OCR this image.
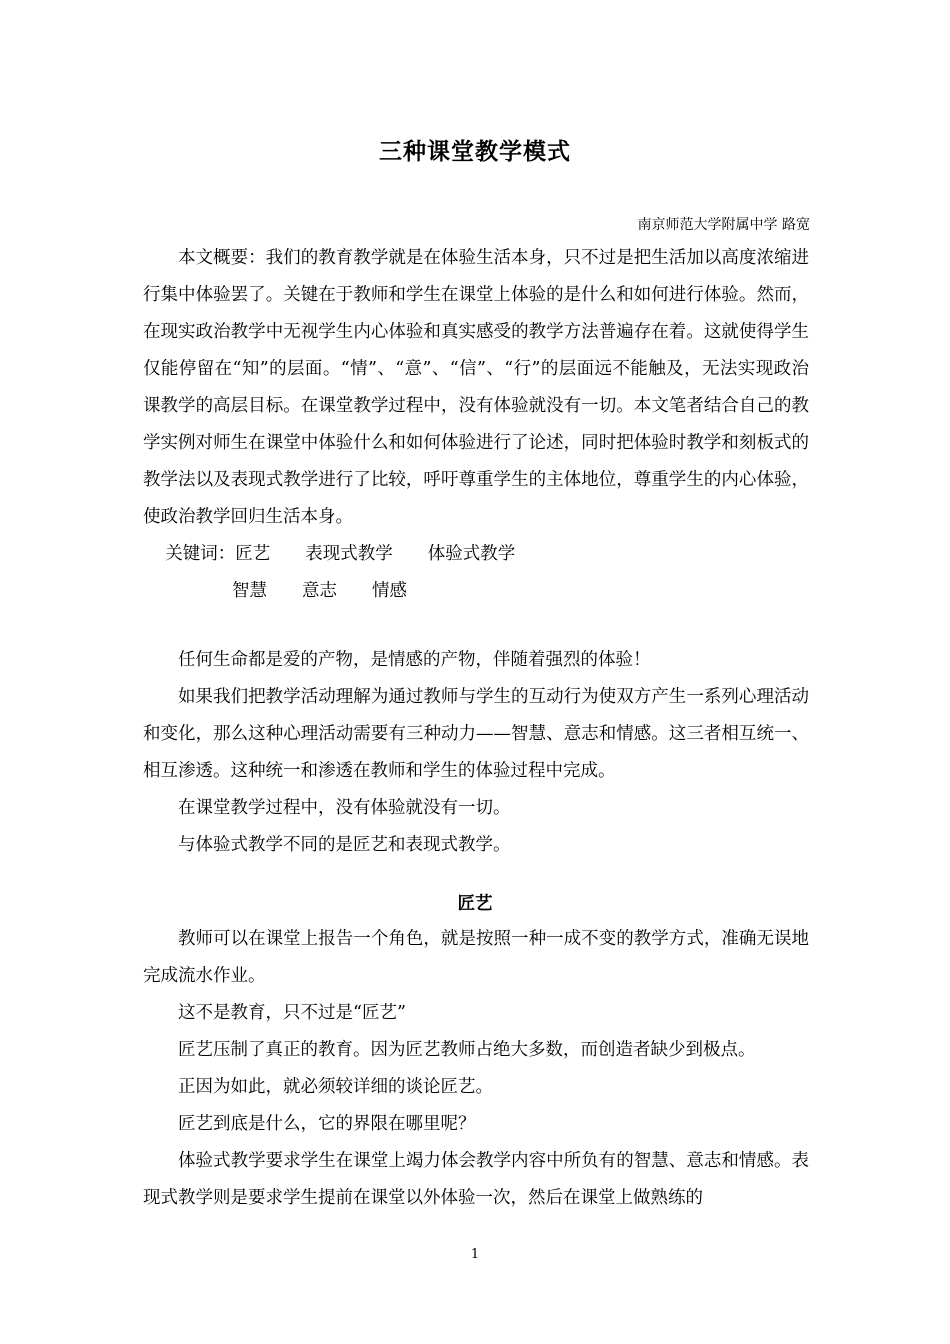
三种课堂教学模式
南京师范大学附属中学 路宽

本文概要：我们的教育教学就是在体验生活本身，只不过是把生活加以高度浓缩进行集中体验罢了。关键在于教师和学生在课堂上体验的是什么和如何进行体验。然而，在现实政治教学中无视学生内心体验和真实感受的教学方法普遍存在着。这就使得学生仅能停留在“知”的层面。“情”、“意”、“信”、“行”的层面远不能触及，无法实现政治课教学的高层目标。在课堂教学过程中，没有体验就没有一切。本文笔者结合自己的教学实例对师生在课堂中体验什么和如何体验进行了论述，同时把体验时教学和刻板式的教学法以及表现式教学进行了比较，呼吁尊重学生的主体地位，尊重学生的内心体验，使政治教学回归生活本身。

关键词：匠艺　　表现式教学　　体验式教学

智慧　　意志　　情感

任何生命都是爱的产物，是情感的产物，伴随着强烈的体验！

如果我们把教学活动理解为通过教师与学生的互动行为使双方产生一系列心理活动和变化，那么这种心理活动需要有三种动力——智慧、意志和情感。这三者相互统一、相互渗透。这种统一和渗透在教师和学生的体验过程中完成。

在课堂教学过程中，没有体验就没有一切。

与体验式教学不同的是匠艺和表现式教学。

匠艺

教师可以在课堂上报告一个角色，就是按照一种一成不变的教学方式，准确无误地完成流水作业。

这不是教育，只不过是“匠艺”

匠艺压制了真正的教育。因为匠艺教师占绝大多数，而创造者缺少到极点。

正因为如此，就必须较详细的谈论匠艺。

匠艺到底是什么，它的界限在哪里呢？

体验式教学要求学生在课堂上竭力体会教学内容中所负有的智慧、意志和情感。表现式教学则是要求学生提前在课堂以外体验一次，然后在课堂上做熟练的

1
